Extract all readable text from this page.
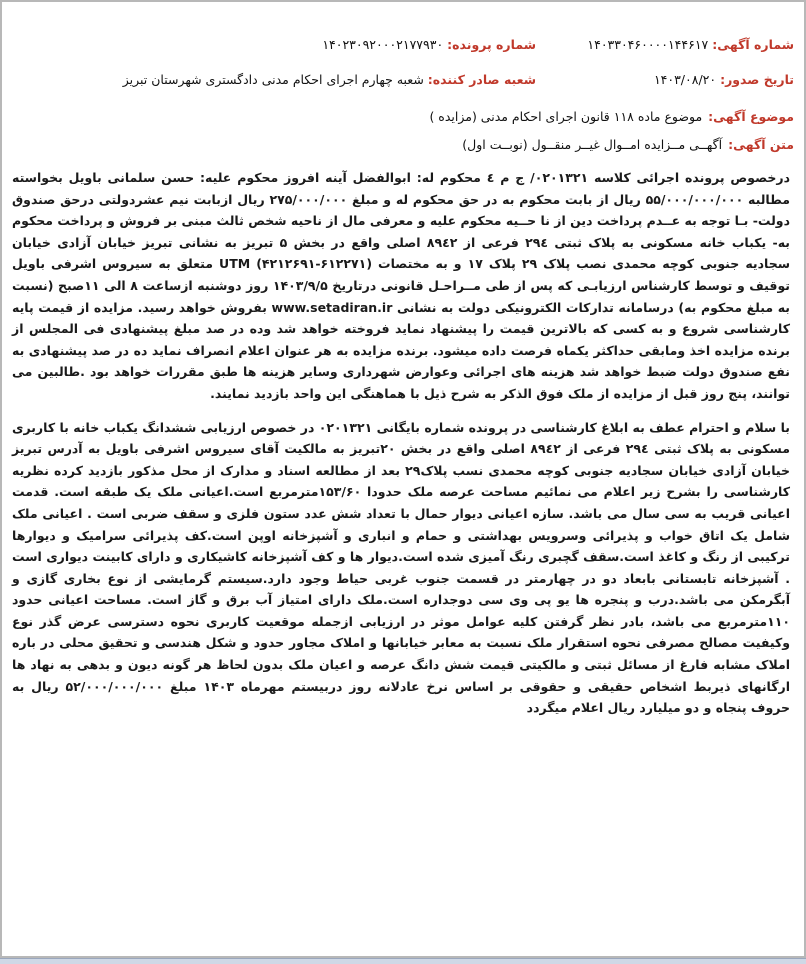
شماره آگهی:
۱۴۰۳۳۰۴۶۰۰۰۰۱۴۴۶۱۷
شماره پرونده:
۱۴۰۲۳۰۹۲۰۰۰۲۱۷۷۹۳۰
تاریخ صدور:
۱۴۰۳/۰۸/۲۰
شعبه صادر کننده:
شعبه چهارم اجرای احکام مدنی دادگستری شهرستان تبریز
موضوع آگهی:
موضوع ماده ۱۱۸ قانون اجرای احکام مدنی (مزایده )
متن آگهی:
آگهــی مــزایده امــوال غیــر منقــول (نوبــت اول)

درخصوص پرونده اجرائی کلاسه ۰۲۰۱۳۲۱/ ج م ٤ محکوم له: ابوالفضل آینه افروز محکوم علیه: حسن سلمانی باویل بخواسته مطالبه ۵۵/۰۰۰/۰۰۰/۰۰۰ ریال از بابت محکوم به در حق محکوم له و مبلغ ۲۷۵/۰۰۰/۰۰۰ ریال ازبابت نیم عشردولتی درحق صندوق دولت- بـا توجه به عــدم پرداخت دین از نا حــیه محکوم علیه و معرفی مال از ناحیه شخص ثالث مبنی بر فروش و پرداخت محکوم به- یکباب خانه مسکونی به پلاک ثبتی ۲۹٤ فرعی از ۸۹٤۲ اصلی واقع در بخش ۵ تبریز به نشانی تبریز خیابان آزادی خیابان سجادیه جنوبی کوچه محمدی نصب پلاک ۲۹ پلاک ۱۷ و به مختصات (۶۱۲۲۷۱-۴۲۱۲۶۹۱) UTM متعلق به سیروس اشرفی باویل توقیف و توسط کارشناس ارزیابـی که پس از طی مــراحـل قانونی درتاریخ ۱۴۰۳/۹/۵ روز دوشنبه ازساعت ۸ الی ۱۱صبح (نسبت به مبلغ محکوم به) درسامانه تدارکات الکترونیکی دولت به نشانی www.setadiran.ir بفروش خواهد رسید. مزایده از قیمت پایه کارشناسی شروع و به کسی که بالاترین قیمت را پیشنهاد نماید فروخته خواهد شد وده در صد مبلغ پیشنهادی فی المجلس از برنده مزایده اخذ ومابقی حداکثر یکماه فرصت داده میشود. برنده مزایده به هر عنوان اعلام انصراف نماید ده در صد پیشنهادی به نفع صندوق دولت ضبط خواهد شد هزینه های اجرائی وعوارض شهرداری وسایر هزینه ها طبق مقررات خواهد بود .طالبین می توانند، پنج روز قبل از مزایده از ملک فوق الذکر به شرح ذیل با هماهنگی این واحد بازدید نمایند.

با سلام و احترام عطف به ابلاغ کارشناسی در پرونده شماره بایگانی ۰۲۰۱۳۲۱ در خصوص ارزیابی ششدانگ یکباب خانه با کاربری مسکونی به پلاک ثبتی ۲۹٤ فرعی از ۸۹٤۲ اصلی واقع در بخش ۲۰تبریز به مالکیت آقای سیروس اشرفی باویل به آدرس تبریز خیابان آزادی خیابان سجادیه جنوبی کوچه محمدی نسب پلاک۲۹ بعد از مطالعه اسناد و مدارک از محل مذکور بازدید کرده نظریه کارشناسی را بشرح زیر اعلام می نمائیم مساحت عرصه ملک حدودا ۱۵۳/۶۰مترمربع است.اعیانی ملک یک طبقه است. قدمت اعیانی قریب به سی سال می باشد. سازه اعیانی دیوار حمال با تعداد شش عدد ستون فلزی و سقف ضربی است . اعیانی ملک شامل یک اتاق خواب و پذیرائی وسرویس بهداشتی و حمام و انباری و آشپزخانه اوپن است.کف پذیرائی سرامیک و دیوارها ترکیبی از رنگ و کاغذ است.سقف گچبری رنگ آمیزی شده است.دیوار ها و کف آشپزخانه کاشیکاری و دارای کابینت دیواری است . آشپزخانه تابستانی بابعاد دو در چهارمتر در قسمت جنوب غربی حیاط وجود دارد.سیستم گرمایشی از نوع بخاری گازی و آبگرمکن می باشد.درب و پنجره ها یو پی وی سی دوجداره است.ملک دارای امتیاز آب برق و گاز است. مساحت اعیانی حدود ۱۱۰مترمربع می باشد، بادر نظر گرفتن کلیه عوامل موثر در ارزیابی ازجمله موقعیت کاربری نحوه دسترسی عرض گذر نوع وکیفیت مصالح مصرفی نحوه استقرار ملک نسبت به معابر خیابانها و املاک مجاور حدود و شکل هندسی و تحقیق محلی در باره املاک مشابه فارغ از مسائل ثبتی و مالکیتی قیمت شش دانگ عرصه و اعیان ملک بدون لحاظ هر گونه دیون و بدهی به نهاد ها ارگانهای ذیربط اشخاص حقیقی و حقوقی بر اساس نرخ عادلانه روز دربیستم مهرماه ۱۴۰۳ مبلغ ۵۲/۰۰۰/۰۰۰/۰۰۰ ریال به حروف پنجاه و دو میلیارد ریال اعلام میگردد
